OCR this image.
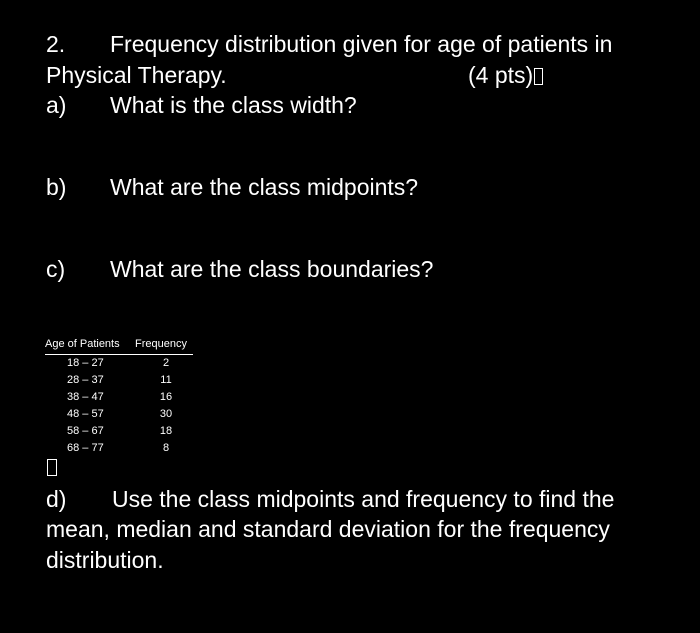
2. Frequency distribution given for age of patients in
Physical Therapy.	(4 pts)
a) What is the class width?
b) What are the class midpoints?
c) What are the class boundaries?
Age of Patients	Frequency
18 – 27	2
28 – 37	11
38 – 47	16
48 – 57	30
58 – 67	18
68 – 77	8
d) Use the class midpoints and frequency to find the
mean, median and standard deviation for the frequency
distribution.
